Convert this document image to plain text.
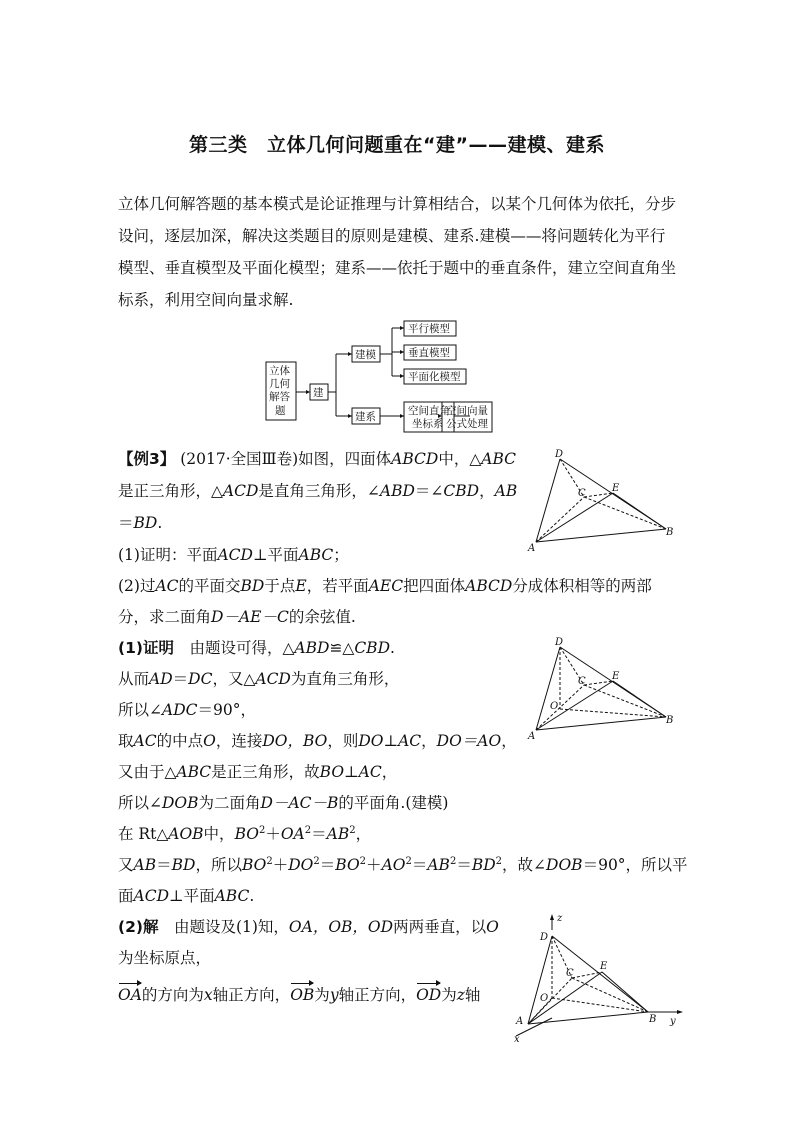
第三类　立体几何问题重在“建”——建模、建系
立体几何解答题的基本模式是论证推理与计算相结合，以某个几何体为依托，分步设问，逐层加深，解决这类题目的原则是建模、建系.建模——将问题转化为平行模型、垂直模型及平面化模型；建系——依托于题中的垂直条件，建立空间直角坐标系，利用空间向量求解.
立体
几何
解答
题
建
建模
平行模型
垂直模型
平面化模型
建系	空间直角
坐标系
空间向量
公式处理
【例3】 (2017·全国Ⅲ卷)如图，四面体ABCD中，△ABC
是正三角形，△ACD是直角三角形，∠ABD＝∠CBD，AB
＝BD.
(1)证明：平面ACD⊥平面ABC；
(2)过AC的平面交BD于点E，若平面AEC把四面体ABCD分成体积相等的两部
分，求二面角D－AE－C的余弦值.
(1)证明　由题设可得，△ABD≌△CBD.
从而AD＝DC，又△ACD为直角三角形，
所以∠ADC＝90°，
取AC的中点O，连接DO，BO，则DO⊥AC，DO＝AO，
又由于△ABC是正三角形，故BO⊥AC，
所以∠DOB为二面角D－AC－B的平面角.(建模)
在 Rt△AOB中，$BO^2+OA^2=AB^2$，
又AB＝BD，所以$BO^2+DO^2=BO^2+AO^2=AB^2=BD^2$，故∠DOB＝90°，所以平
面ACD⊥平面ABC.
(2)解　由题设及(1)知，OA，OB，OD两两垂直，以O
为坐标原点，
OA的方向为x轴正方向，OB为y轴正方向，OD为z轴
D
C	E
A
B
D
C	E
O
A
B
z
D
C
E
O
A	B y
x
